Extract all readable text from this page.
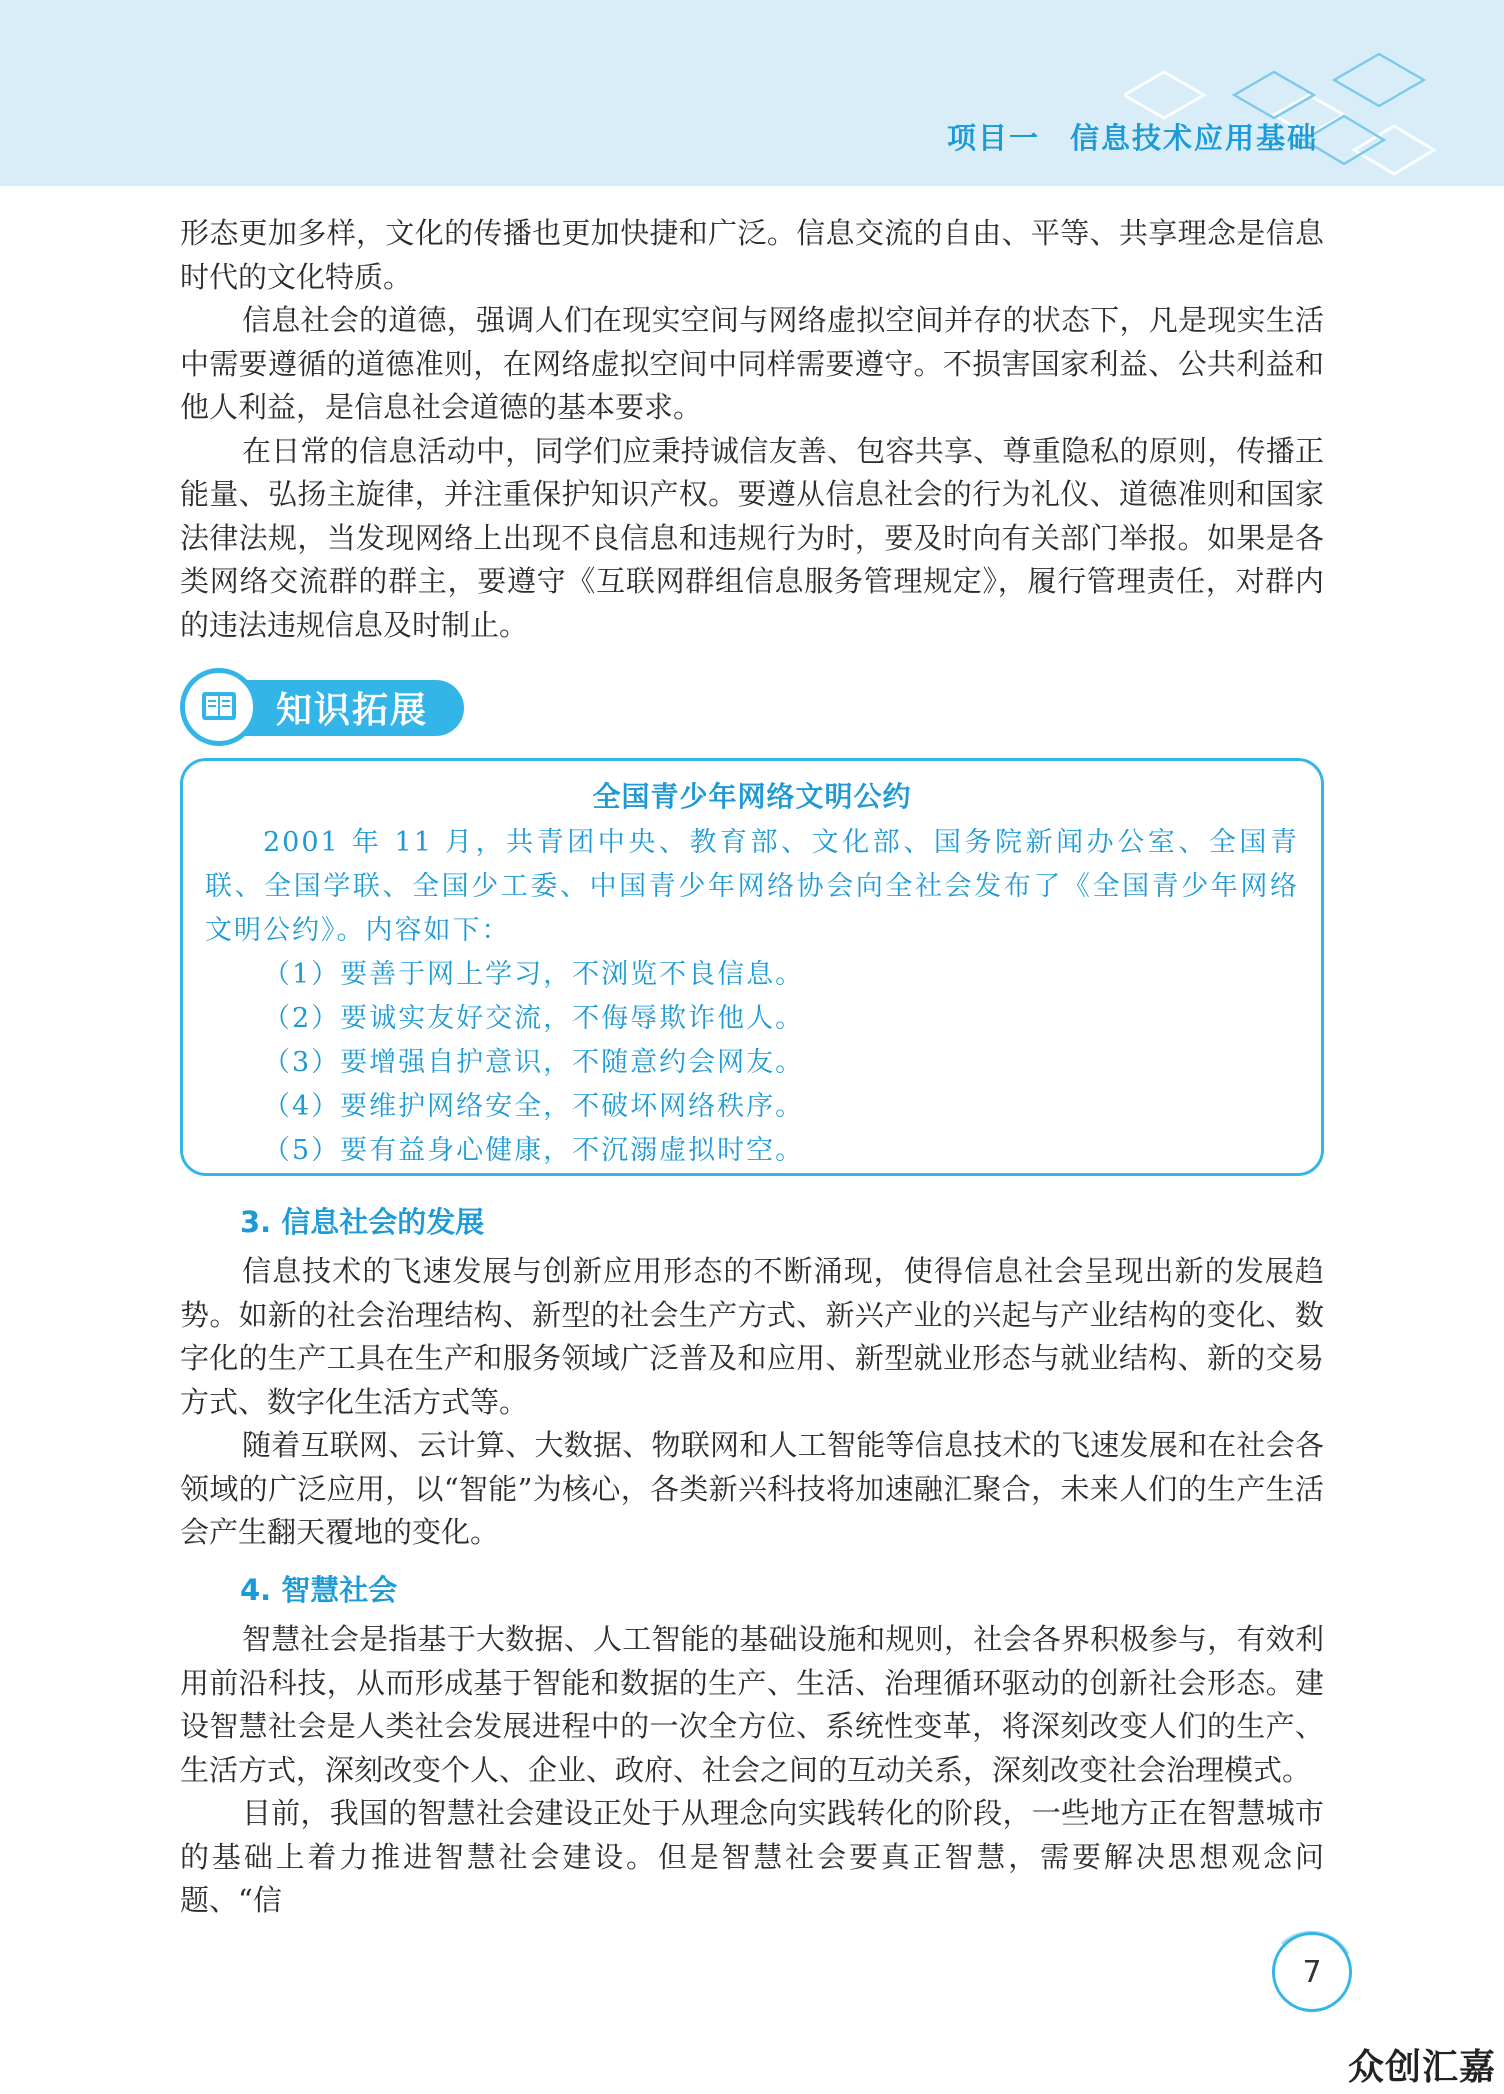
项目一 信息技术应用基础

形态更加多样，文化的传播也更加快捷和广泛。信息交流的自由、平等、共享理念是信息时代的文化特质。

信息社会的道德，强调人们在现实空间与网络虚拟空间并存的状态下，凡是现实生活中需要遵循的道德准则，在网络虚拟空间中同样需要遵守。不损害国家利益、公共利益和他人利益，是信息社会道德的基本要求。

在日常的信息活动中，同学们应秉持诚信友善、包容共享、尊重隐私的原则，传播正能量、弘扬主旋律，并注重保护知识产权。要遵从信息社会的行为礼仪、道德准则和国家法律法规，当发现网络上出现不良信息和违规行为时，要及时向有关部门举报。如果是各类网络交流群的群主，要遵守《互联网群组信息服务管理规定》，履行管理责任，对群内的违法违规信息及时制止。

知识拓展
全国青少年网络文明公约

2001 年 11 月，共青团中央、教育部、文化部、国务院新闻办公室、全国青联、全国学联、全国少工委、中国青少年网络协会向全社会发布了《全国青少年网络文明公约》。内容如下：

（1）要善于网上学习，不浏览不良信息。

（2）要诚实友好交流，不侮辱欺诈他人。

（3）要增强自护意识，不随意约会网友。

（4）要维护网络安全，不破坏网络秩序。

（5）要有益身心健康，不沉溺虚拟时空。

3. 信息社会的发展

信息技术的飞速发展与创新应用形态的不断涌现，使得信息社会呈现出新的发展趋势。如新的社会治理结构、新型的社会生产方式、新兴产业的兴起与产业结构的变化、数字化的生产工具在生产和服务领域广泛普及和应用、新型就业形态与就业结构、新的交易方式、数字化生活方式等。

随着互联网、云计算、大数据、物联网和人工智能等信息技术的飞速发展和在社会各领域的广泛应用，以“智能”为核心，各类新兴科技将加速融汇聚合，未来人们的生产生活会产生翻天覆地的变化。

4. 智慧社会

智慧社会是指基于大数据、人工智能的基础设施和规则，社会各界积极参与，有效利用前沿科技，从而形成基于智能和数据的生产、生活、治理循环驱动的创新社会形态。建设智慧社会是人类社会发展进程中的一次全方位、系统性变革，将深刻改变人们的生产、生活方式，深刻改变个人、企业、政府、社会之间的互动关系，深刻改变社会治理模式。

目前，我国的智慧社会建设正处于从理念向实践转化的阶段，一些地方正在智慧城市的基础上着力推进智慧社会建设。但是智慧社会要真正智慧，需要解决思想观念问题、“信

7
众创汇嘉
